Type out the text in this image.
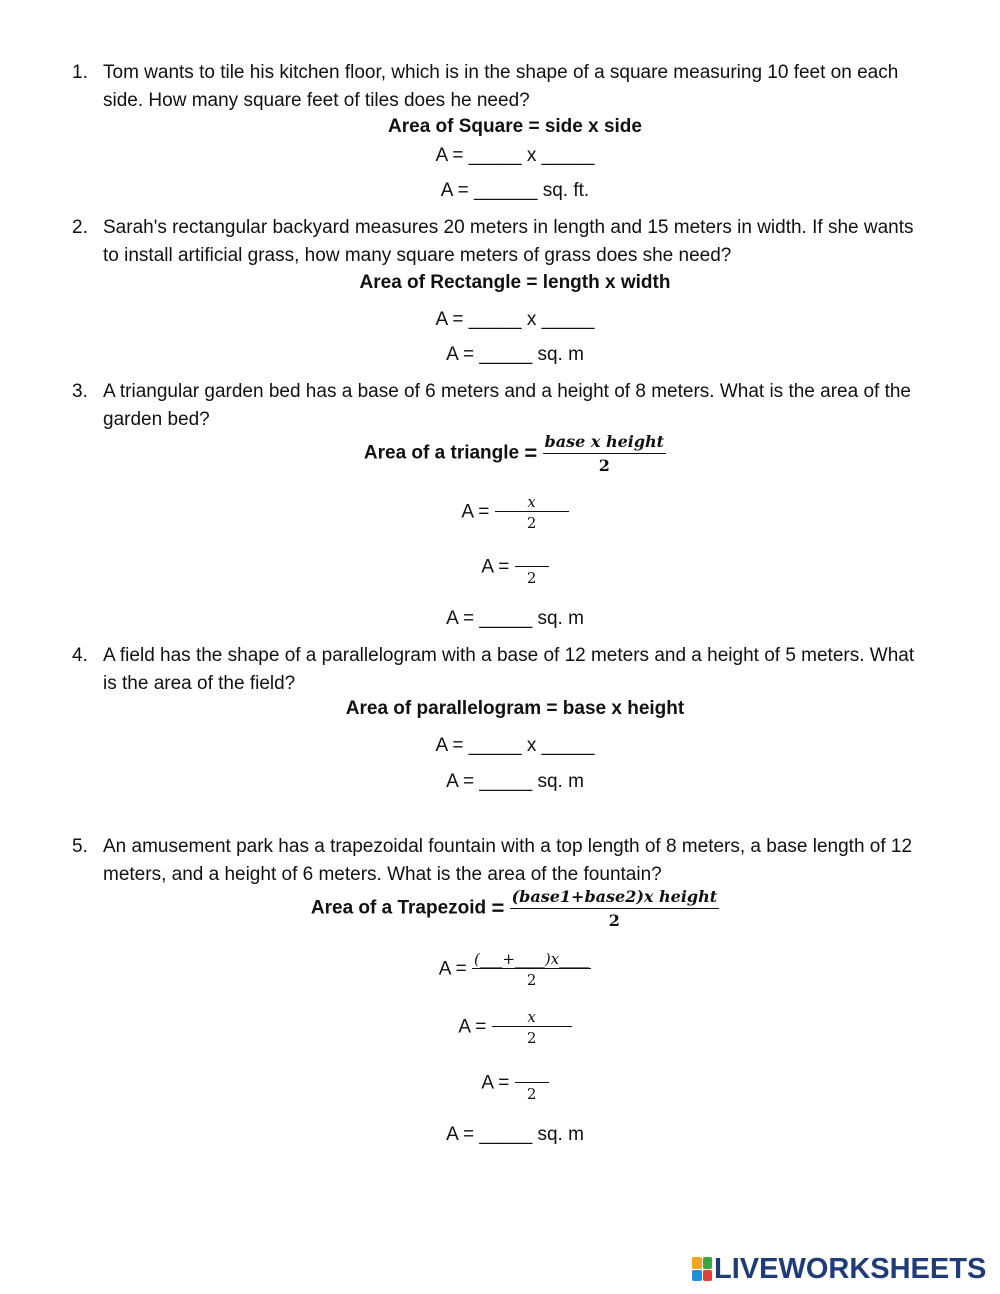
1. Tom wants to tile his kitchen floor, which is in the shape of a square measuring 10 feet on each side. How many square feet of tiles does he need?
Area of Square = side x side
A = _____ x _____
A = ______ sq. ft.
2. Sarah's rectangular backyard measures 20 meters in length and 15 meters in width. If she wants to install artificial grass, how many square meters of grass does she need?
Area of Rectangle = length x width
A = _____ x _____
A = _____ sq. m
3. A triangular garden bed has a base of 6 meters and a height of 8 meters. What is the area of the garden bed?
Area of a triangle = base x height
2
$A = \frac{x}{2}$
A =
2
A = _____ sq. m
4. A field has the shape of a parallelogram with a base of 12 meters and a height of 5 meters. What is the area of the field?
Area of parallelogram = base x height
A = _____ x _____
A = _____ sq. m
5. An amusement park has a trapezoidal fountain with a top length of 8 meters, a base length of 12 meters, and a height of 6 meters. What is the area of the fountain?
Area of a Trapezoid = (base1+base2)x height
2
$A = \frac{(\_\_\_+\_\_\_\_)x\_\_\_\_}{2}$
$A = \frac{x}{2}$
A =
2
A = _____ sq. m
LIVEWORKSHEETS
